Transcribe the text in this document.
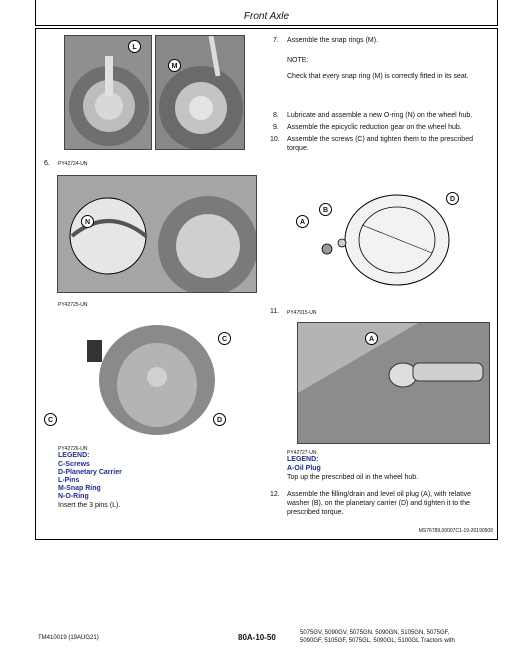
Front Axle
L
M
6. PY42724-UN
N
PY42725-UN
C
C	D
PY42726-UN
LEGEND:
C-Screws
D-Planetary Carrier
L-Pins
M-Snap Ring
N-O-Ring
Insert the 3 pins (L).
7. Assemble the snap rings (M).
NOTE:
Check that every snap ring (M) is correctly fitted in its seat.
8. Lubricate and assemble a new O-ring (N) on the wheel hub.
9. Assemble the epicyclic reduction gear on the wheel hub.
10. Assemble the screws (C) and tighten them to the prescribed torque.
A
B
D
11. PY47915-UN
A
PY42727-UN
LEGEND:
A-Oil Plug
Top up the prescribed oil in the wheel hub.
12. Assemble the filling/drain and level oil plug (A), with relative washer (B), on the planetary carrier (D) and tighten it to the prescribed torque.
MS76789,00007C1-19-20190508
TM410019 (19AUG21)	80A-10-50	5075GV, 5090GV, 5075GN, 5090GN, 5105GN, 5075GF,
5090GF, 5105GF, 5075GL, 5090GL, 5100GL Tractors with
